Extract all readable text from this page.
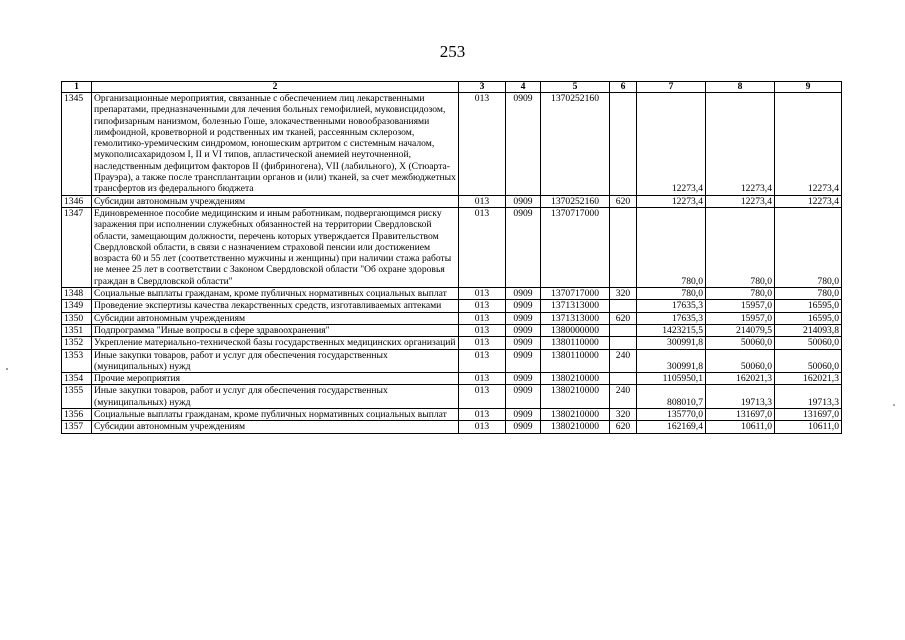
253
1	2	3	4	5	6	7	8	9
1345	Организационные мероприятия, связанные с обеспечением лиц лекарственными препаратами, предназначенными для лечения больных гемофилией, муковисцидозом, гипофизарным нанизмом, болезнью Гоше, злокачественными новообразованиями лимфоидной, кроветворной и родственных им тканей, рассеянным склерозом, гемолитико-уремическим синдромом, юношеским артритом с системным началом, мукополисахаридозом I, II и VI типов, апластической анемией неуточненной, наследственным дефицитом факторов II (фибриногена), VII (лабильного), X (Стюарта-Прауэра), а также после трансплантации органов и (или) тканей, за счет межбюджетных трансфертов из федерального бюджета	013	0909	1370252160		12273,4	12273,4	12273,4
1346	Субсидии автономным учреждениям	013	0909	1370252160	620	12273,4	12273,4	12273,4
1347	Единовременное пособие медицинским и иным работникам, подвергающимся риску заражения при исполнении служебных обязанностей на территории Свердловской области, замещающим должности, перечень которых утверждается Правительством Свердловской области, в связи с назначением страховой пенсии или достижением возраста 60 и 55 лет (соответственно мужчины и женщины) при наличии стажа работы не менее 25 лет в соответствии с Законом Свердловской области "Об охране здоровья граждан в Свердловской области"	013	0909	1370717000		780,0	780,0	780,0
1348	Социальные выплаты гражданам, кроме публичных нормативных социальных выплат	013	0909	1370717000	320	780,0	780,0	780,0
1349	Проведение экспертизы качества лекарственных средств, изготавливаемых аптеками	013	0909	1371313000		17635,3	15957,0	16595,0
1350	Субсидии автономным учреждениям	013	0909	1371313000	620	17635,3	15957,0	16595,0
1351	Подпрограмма "Иные вопросы в сфере здравоохранения"	013	0909	1380000000		1423215,5	214079,5	214093,8
1352	Укрепление материально-технической базы государственных медицинских организаций	013	0909	1380110000		300991,8	50060,0	50060,0
1353	Иные закупки товаров, работ и услуг для обеспечения государственных (муниципальных) нужд	013	0909	1380110000	240	300991,8	50060,0	50060,0
1354	Прочие мероприятия	013	0909	1380210000		1105950,1	162021,3	162021,3
1355	Иные закупки товаров, работ и услуг для обеспечения государственных (муниципальных) нужд	013	0909	1380210000	240	808010,7	19713,3	19713,3
1356	Социальные выплаты гражданам, кроме публичных нормативных социальных выплат	013	0909	1380210000	320	135770,0	131697,0	131697,0
1357	Субсидии автономным учреждениям	013	0909	1380210000	620	162169,4	10611,0	10611,0
